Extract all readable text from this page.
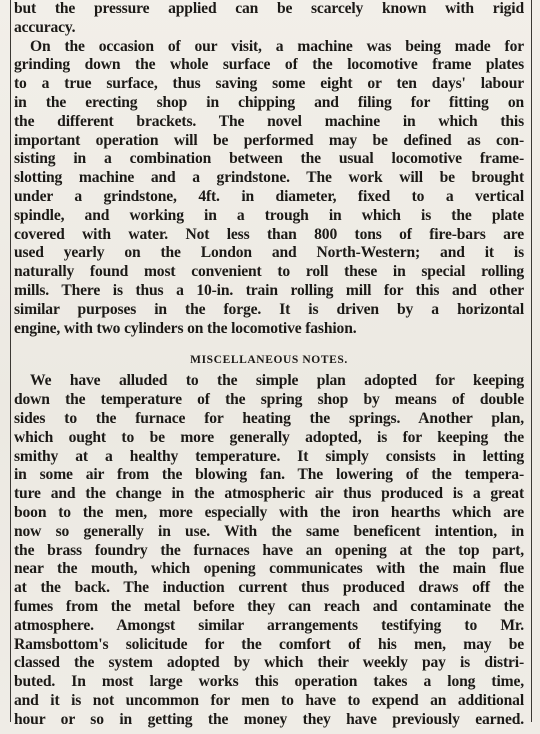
but the pressure applied can be scarcely known with rigid
accuracy.
On the occasion of our visit, a machine was being made for
grinding down the whole surface of the locomotive frame plates
to a true surface, thus saving some eight or ten days' labour
in the erecting shop in chipping and filing for fitting on
the different brackets. The novel machine in which this
important operation will be performed may be defined as con-
sisting in a combination between the usual locomotive frame-
slotting machine and a grindstone. The work will be brought
under a grindstone, 4ft. in diameter, fixed to a vertical
spindle, and working in a trough in which is the plate
covered with water. Not less than 800 tons of fire-bars are
used yearly on the London and North-Western; and it is
naturally found most convenient to roll these in special rolling
mills. There is thus a 10-in. train rolling mill for this and other
similar purposes in the forge. It is driven by a horizontal
engine, with two cylinders on the locomotive fashion.
MISCELLANEOUS NOTES.
We have alluded to the simple plan adopted for keeping
down the temperature of the spring shop by means of double
sides to the furnace for heating the springs. Another plan,
which ought to be more generally adopted, is for keeping the
smithy at a healthy temperature. It simply consists in letting
in some air from the blowing fan. The lowering of the tempera-
ture and the change in the atmospheric air thus produced is a great
boon to the men, more especially with the iron hearths which are
now so generally in use. With the same beneficent intention, in
the brass foundry the furnaces have an opening at the top part,
near the mouth, which opening communicates with the main flue
at the back. The induction current thus produced draws off the
fumes from the metal before they can reach and contaminate the
atmosphere. Amongst similar arrangements testifying to Mr.
Ramsbottom's solicitude for the comfort of his men, may be
classed the system adopted by which their weekly pay is distri-
buted. In most large works this operation takes a long time,
and it is not uncommon for men to have to expend an additional
hour or so in getting the money they have previously earned.
